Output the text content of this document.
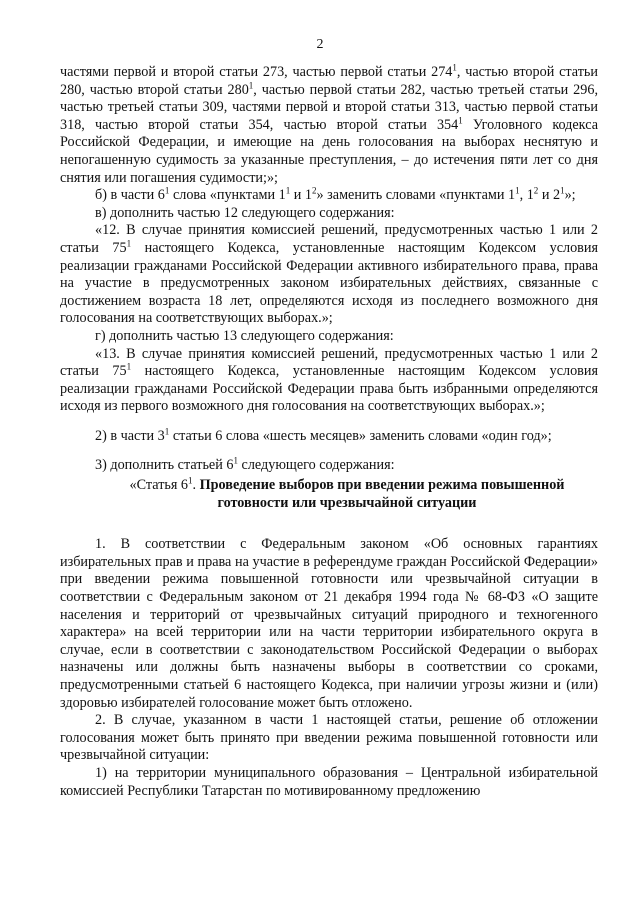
2

частями первой и второй статьи 273, частью первой статьи $274^1$, частью второй статьи 280, частью второй статьи $280^1$, частью первой статьи 282, частью третьей статьи 296, частью третьей статьи 309, частями первой и второй статьи 313, частью первой статьи 318, частью второй статьи 354, частью второй статьи $354^1$ Уголовного кодекса Российской Федерации, и имеющие на день голосования на выборах неснятую и непогашенную судимость за указанные преступления, – до истечения пяти лет со дня снятия или погашения судимости;»;

б) в части $6^1$ слова «пунктами $1^1$ и $1^2$» заменить словами «пунктами $1^1$, $1^2$ и $2^1$»;

в) дополнить частью 12 следующего содержания:

«12. В случае принятия комиссией решений, предусмотренных частью 1 или 2 статьи $75^1$ настоящего Кодекса, установленные настоящим Кодексом условия реализации гражданами Российской Федерации активного избирательного права, права на участие в предусмотренных законом избирательных действиях, связанные с достижением возраста 18 лет, определяются исходя из последнего возможного дня голосования на соответствующих выборах.»;

г) дополнить частью 13 следующего содержания:

«13. В случае принятия комиссией решений, предусмотренных частью 1 или 2 статьи $75^1$ настоящего Кодекса, установленные настоящим Кодексом условия реализации гражданами Российской Федерации права быть избранными определяются исходя из первого возможного дня голосования на соответствующих выборах.»;

2) в части $3^1$ статьи 6 слова «шесть месяцев» заменить словами «один год»;

3) дополнить статьей $6^1$ следующего содержания:

«Статья $6^1$. Проведение выборов при введении режима повышенной готовности или чрезвычайной ситуации

1. В соответствии с Федеральным законом «Об основных гарантиях избирательных прав и права на участие в референдуме граждан Российской Федерации» при введении режима повышенной готовности или чрезвычайной ситуации в соответствии с Федеральным законом от 21 декабря 1994 года № 68-ФЗ «О защите населения и территорий от чрезвычайных ситуаций природного и техногенного характера» на всей территории или на части территории избирательного округа в случае, если в соответствии с законодательством Российской Федерации о выборах назначены или должны быть назначены выборы в соответствии со сроками, предусмотренными статьей 6 настоящего Кодекса, при наличии угрозы жизни и (или) здоровью избирателей голосование может быть отложено.

2. В случае, указанном в части 1 настоящей статьи, решение об отложении голосования может быть принято при введении режима повышенной готовности или чрезвычайной ситуации:

1) на территории муниципального образования – Центральной избирательной комиссией Республики Татарстан по мотивированному предложению
